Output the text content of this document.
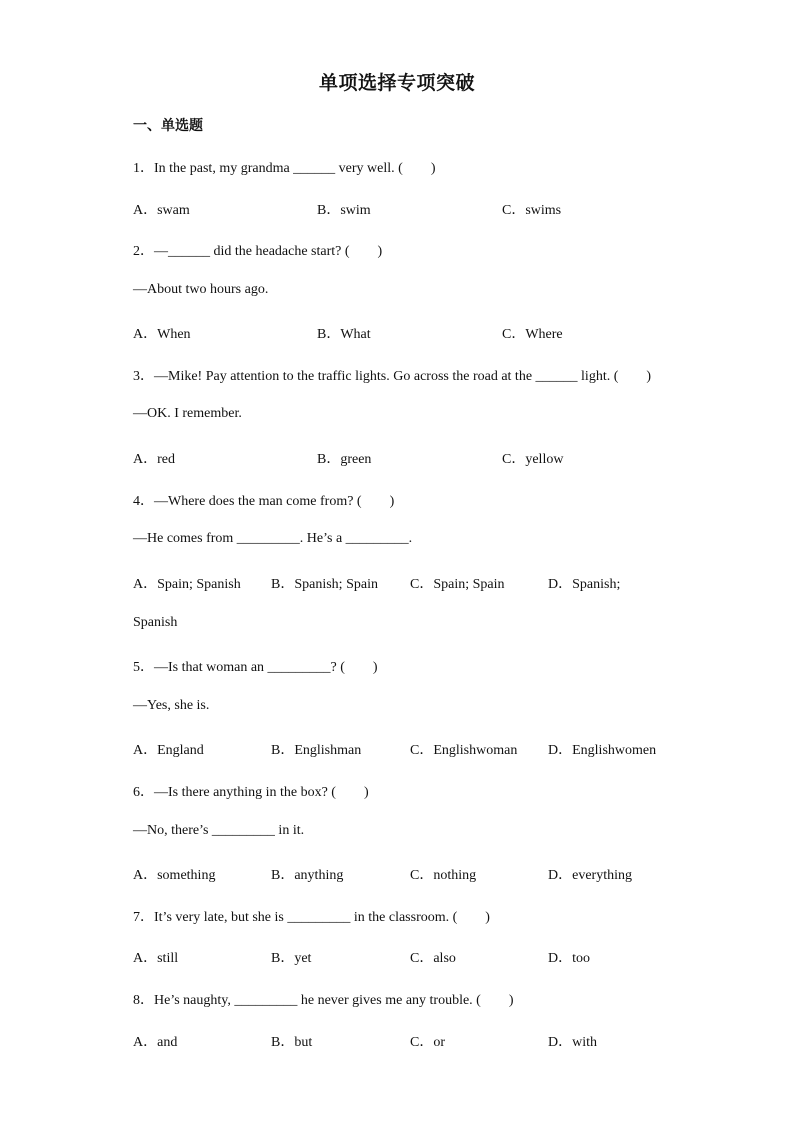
单项选择专项突破
一、单选题
1．In the past, my grandma ______ very well. (  )
A．swam	B．swim	C．swims
2．—______ did the headache start? (  )
—About two hours ago.
A．When	B．What	C．Where
3．—Mike! Pay attention to the traffic lights. Go across the road at the ______ light. (  )
—OK. I remember.
A．red	B．green	C．yellow
4．—Where does the man come from? (  )
—He comes from _________. He’s a _________.
A．Spain; Spanish B．Spanish; Spain C．Spain; Spain	D．Spanish;
Spanish
5．—Is that woman an _________? (  )
—Yes, she is.
A．England	B．Englishman	C．Englishwoman D．Englishwomen
6．—Is there anything in the box? (  )
—No, there’s _________ in it.
A．something	B．anything	C．nothing	D．everything
7．It’s very late, but she is _________ in the classroom. (  )
A．still	B．yet	C．also	D．too
8．He’s naughty, _________ he never gives me any trouble. (  )
A．and	B．but	C．or	D．with
